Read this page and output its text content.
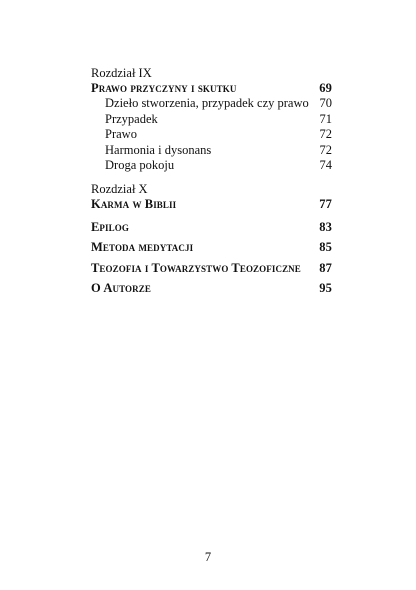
Rozdział IX
Prawo przyczyny i skutku	69
Dzieło stworzenia, przypadek czy prawo 70
Przypadek	71
Prawo	72
Harmonia i dysonans	72
Droga pokoju	74
Rozdział X
Karma w Biblii	77
Epilog	83
Metoda medytacji	85
Teozofia i Towarzystwo Teozoficzne 87
O Autorze	95
7
